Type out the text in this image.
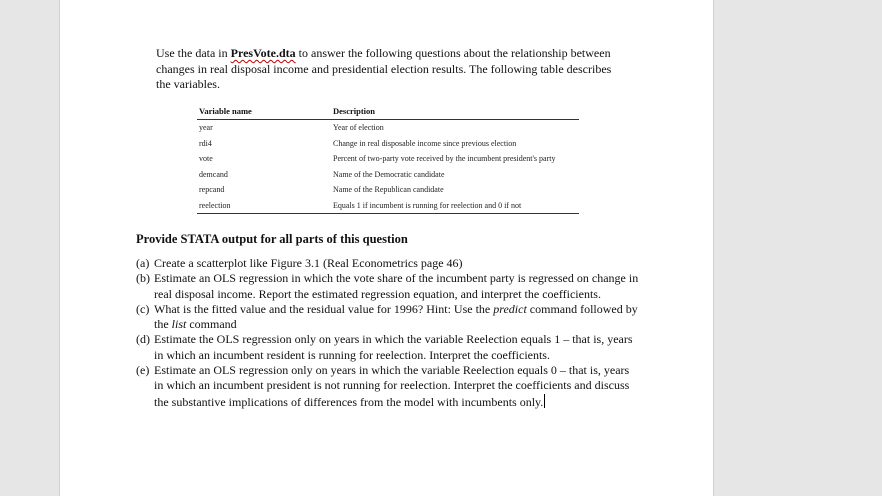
Use the data in PresVote.dta to answer the following questions about the relationship between changes in real disposal income and presidential election results. The following table describes the variables.

Variable name	Description
year	Year of election
rdi4	Change in real disposable income since previous election
vote	Percent of two-party vote received by the incumbent president's party
demcand	Name of the Democratic candidate
repcand	Name of the Republican candidate
reelection	Equals 1 if incumbent is running for reelection and 0 if not
Provide STATA output for all parts of this question
(a) Create a scatterplot like Figure 3.1 (Real Econometrics page 46)
(b) Estimate an OLS regression in which the vote share of the incumbent party is regressed on change in real disposal income. Report the estimated regression equation, and interpret the coefficients.
(c) What is the fitted value and the residual value for 1996? Hint: Use the predict command followed by the list command
(d) Estimate the OLS regression only on years in which the variable Reelection equals 1 – that is, years in which an incumbent resident is running for reelection. Interpret the coefficients.
(e) Estimate an OLS regression only on years in which the variable Reelection equals 0 – that is, years in which an incumbent president is not running for reelection. Interpret the coefficients and discuss the substantive implications of differences from the model with incumbents only.
